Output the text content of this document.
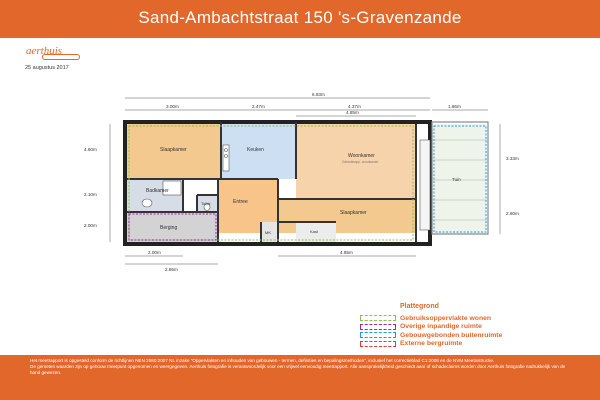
Sand-Ambachtstraat 150 's-Gravenzande
aerthuis
25 augustus 2017
Slaapkamer	Keuken
Woonkamer
Gebruiksopp. woonkamer
Badkamer
Toilet	Entree
Berging
Slaapkamer
MK	Kast
Tuin
6.83m
3.00m	2.47m	4.37m
4.85m
1.86m
4.60m
2.10m
2.00m
3.33m
2.60m
2.00m
2.86m
4.85m
Plattegrond
Gebruiksoppervlakte wonen
Overige inpandige ruimte
Gebouwgebonden buitenruimte
Externe bergruimte

Het meetrapport is opgesteld conform de richtlijnen NEN 2580:2007 NL inzake "Oppervlakten en inhouden van gebouwen - termen, definities en bepalingsmethoden", inclusief het correctieblad C1:2008 en de NVM Meetinstructie.

De gemeten waarden zijn op gehouw meetpunt opgenomen en weergegeven. Aerthuis fotografie is verantwoordelijk voor een vrijwel eenvoudig meetrapport. Alle aansprakelijkheid geschiedt aan/ of schadeclaims worden door Aerthuis fotografie nadrukkelijk van de hand gewezen.
